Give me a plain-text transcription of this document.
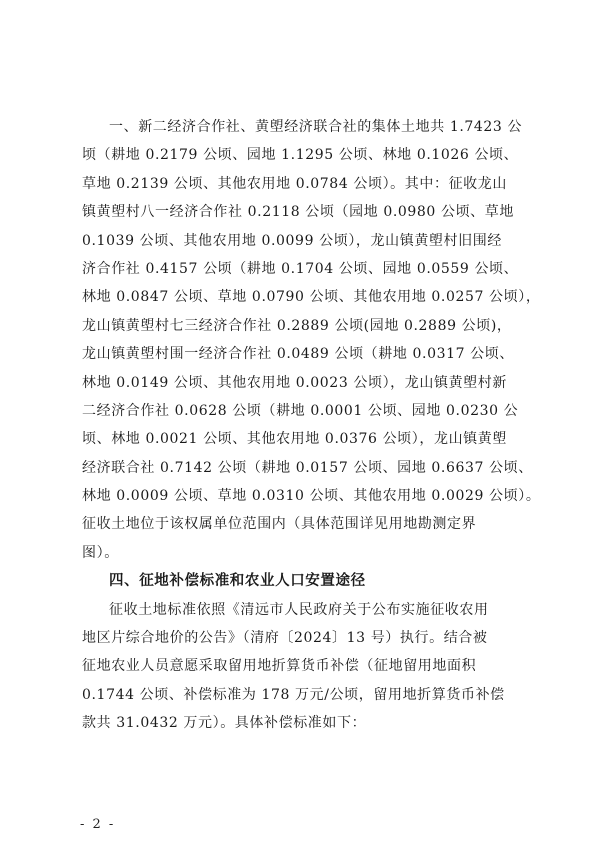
一、新二经济合作社、黄塱经济联合社的集体土地共 1.7423 公
顷（耕地 0.2179 公顷、园地 1.1295 公顷、林地 0.1026 公顷、
草地 0.2139 公顷、其他农用地 0.0784 公顷）。其中：征收龙山
镇黄塱村八一经济合作社 0.2118 公顷（园地 0.0980 公顷、草地
0.1039 公顷、其他农用地 0.0099 公顷），龙山镇黄塱村旧围经
济合作社 0.4157 公顷（耕地 0.1704 公顷、园地 0.0559 公顷、
林地 0.0847 公顷、草地 0.0790 公顷、其他农用地 0.0257 公顷），
龙山镇黄塱村七三经济合作社 0.2889 公顷(园地 0.2889 公顷)，
龙山镇黄塱村围一经济合作社 0.0489 公顷（耕地 0.0317 公顷、
林地 0.0149 公顷、其他农用地 0.0023 公顷），龙山镇黄塱村新
二经济合作社 0.0628 公顷（耕地 0.0001 公顷、园地 0.0230 公
顷、林地 0.0021 公顷、其他农用地 0.0376 公顷），龙山镇黄塱
经济联合社 0.7142 公顷（耕地 0.0157 公顷、园地 0.6637 公顷、
林地 0.0009 公顷、草地 0.0310 公顷、其他农用地 0.0029 公顷）。
征收土地位于该权属单位范围内（具体范围详见用地勘测定界
图）。
四、征地补偿标准和农业人口安置途径
征收土地标准依照《清远市人民政府关于公布实施征收农用
地区片综合地价的公告》（清府〔2024〕13 号）执行。结合被
征地农业人员意愿采取留用地折算货币补偿（征地留用地面积
0.1744 公顷、补偿标准为 178 万元/公顷，留用地折算货币补偿
款共 31.0432 万元）。具体补偿标准如下：
- 2 -
